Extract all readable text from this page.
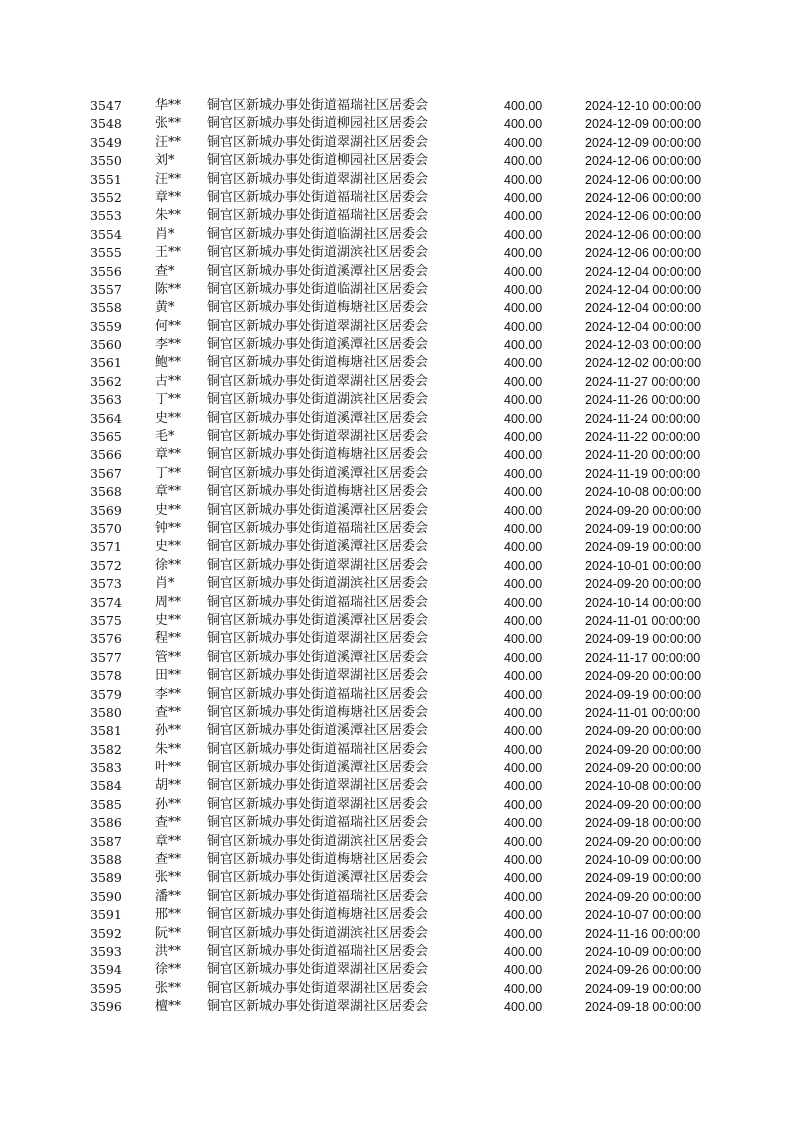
3547	华**	铜官区新城办事处街道福瑞社区居委会	400.00	2024-12-10 00:00:00
3548	张**	铜官区新城办事处街道柳园社区居委会	400.00	2024-12-09 00:00:00
3549	汪**	铜官区新城办事处街道翠湖社区居委会	400.00	2024-12-09 00:00:00
3550	刘*	铜官区新城办事处街道柳园社区居委会	400.00	2024-12-06 00:00:00
3551	汪**	铜官区新城办事处街道翠湖社区居委会	400.00	2024-12-06 00:00:00
3552	章**	铜官区新城办事处街道福瑞社区居委会	400.00	2024-12-06 00:00:00
3553	朱**	铜官区新城办事处街道福瑞社区居委会	400.00	2024-12-06 00:00:00
3554	肖*	铜官区新城办事处街道临湖社区居委会	400.00	2024-12-06 00:00:00
3555	王**	铜官区新城办事处街道湖滨社区居委会	400.00	2024-12-06 00:00:00
3556	查*	铜官区新城办事处街道溪潭社区居委会	400.00	2024-12-04 00:00:00
3557	陈**	铜官区新城办事处街道临湖社区居委会	400.00	2024-12-04 00:00:00
3558	黄*	铜官区新城办事处街道梅塘社区居委会	400.00	2024-12-04 00:00:00
3559	何**	铜官区新城办事处街道翠湖社区居委会	400.00	2024-12-04 00:00:00
3560	李**	铜官区新城办事处街道溪潭社区居委会	400.00	2024-12-03 00:00:00
3561	鲍**	铜官区新城办事处街道梅塘社区居委会	400.00	2024-12-02 00:00:00
3562	古**	铜官区新城办事处街道翠湖社区居委会	400.00	2024-11-27 00:00:00
3563	丁**	铜官区新城办事处街道湖滨社区居委会	400.00	2024-11-26 00:00:00
3564	史**	铜官区新城办事处街道溪潭社区居委会	400.00	2024-11-24 00:00:00
3565	毛*	铜官区新城办事处街道翠湖社区居委会	400.00	2024-11-22 00:00:00
3566	章**	铜官区新城办事处街道梅塘社区居委会	400.00	2024-11-20 00:00:00
3567	丁**	铜官区新城办事处街道溪潭社区居委会	400.00	2024-11-19 00:00:00
3568	章**	铜官区新城办事处街道梅塘社区居委会	400.00	2024-10-08 00:00:00
3569	史**	铜官区新城办事处街道溪潭社区居委会	400.00	2024-09-20 00:00:00
3570	钟**	铜官区新城办事处街道福瑞社区居委会	400.00	2024-09-19 00:00:00
3571	史**	铜官区新城办事处街道溪潭社区居委会	400.00	2024-09-19 00:00:00
3572	徐**	铜官区新城办事处街道翠湖社区居委会	400.00	2024-10-01 00:00:00
3573	肖*	铜官区新城办事处街道湖滨社区居委会	400.00	2024-09-20 00:00:00
3574	周**	铜官区新城办事处街道福瑞社区居委会	400.00	2024-10-14 00:00:00
3575	史**	铜官区新城办事处街道溪潭社区居委会	400.00	2024-11-01 00:00:00
3576	程**	铜官区新城办事处街道翠湖社区居委会	400.00	2024-09-19 00:00:00
3577	管**	铜官区新城办事处街道溪潭社区居委会	400.00	2024-11-17 00:00:00
3578	田**	铜官区新城办事处街道翠湖社区居委会	400.00	2024-09-20 00:00:00
3579	李**	铜官区新城办事处街道福瑞社区居委会	400.00	2024-09-19 00:00:00
3580	查**	铜官区新城办事处街道梅塘社区居委会	400.00	2024-11-01 00:00:00
3581	孙**	铜官区新城办事处街道溪潭社区居委会	400.00	2024-09-20 00:00:00
3582	朱**	铜官区新城办事处街道福瑞社区居委会	400.00	2024-09-20 00:00:00
3583	叶**	铜官区新城办事处街道溪潭社区居委会	400.00	2024-09-20 00:00:00
3584	胡**	铜官区新城办事处街道翠湖社区居委会	400.00	2024-10-08 00:00:00
3585	孙**	铜官区新城办事处街道翠湖社区居委会	400.00	2024-09-20 00:00:00
3586	查**	铜官区新城办事处街道福瑞社区居委会	400.00	2024-09-18 00:00:00
3587	章**	铜官区新城办事处街道湖滨社区居委会	400.00	2024-09-20 00:00:00
3588	查**	铜官区新城办事处街道梅塘社区居委会	400.00	2024-10-09 00:00:00
3589	张**	铜官区新城办事处街道溪潭社区居委会	400.00	2024-09-19 00:00:00
3590	潘**	铜官区新城办事处街道福瑞社区居委会	400.00	2024-09-20 00:00:00
3591	邢**	铜官区新城办事处街道梅塘社区居委会	400.00	2024-10-07 00:00:00
3592	阮**	铜官区新城办事处街道湖滨社区居委会	400.00	2024-11-16 00:00:00
3593	洪**	铜官区新城办事处街道福瑞社区居委会	400.00	2024-10-09 00:00:00
3594	徐**	铜官区新城办事处街道翠湖社区居委会	400.00	2024-09-26 00:00:00
3595	张**	铜官区新城办事处街道翠湖社区居委会	400.00	2024-09-19 00:00:00
3596	檀**	铜官区新城办事处街道翠湖社区居委会	400.00	2024-09-18 00:00:00
